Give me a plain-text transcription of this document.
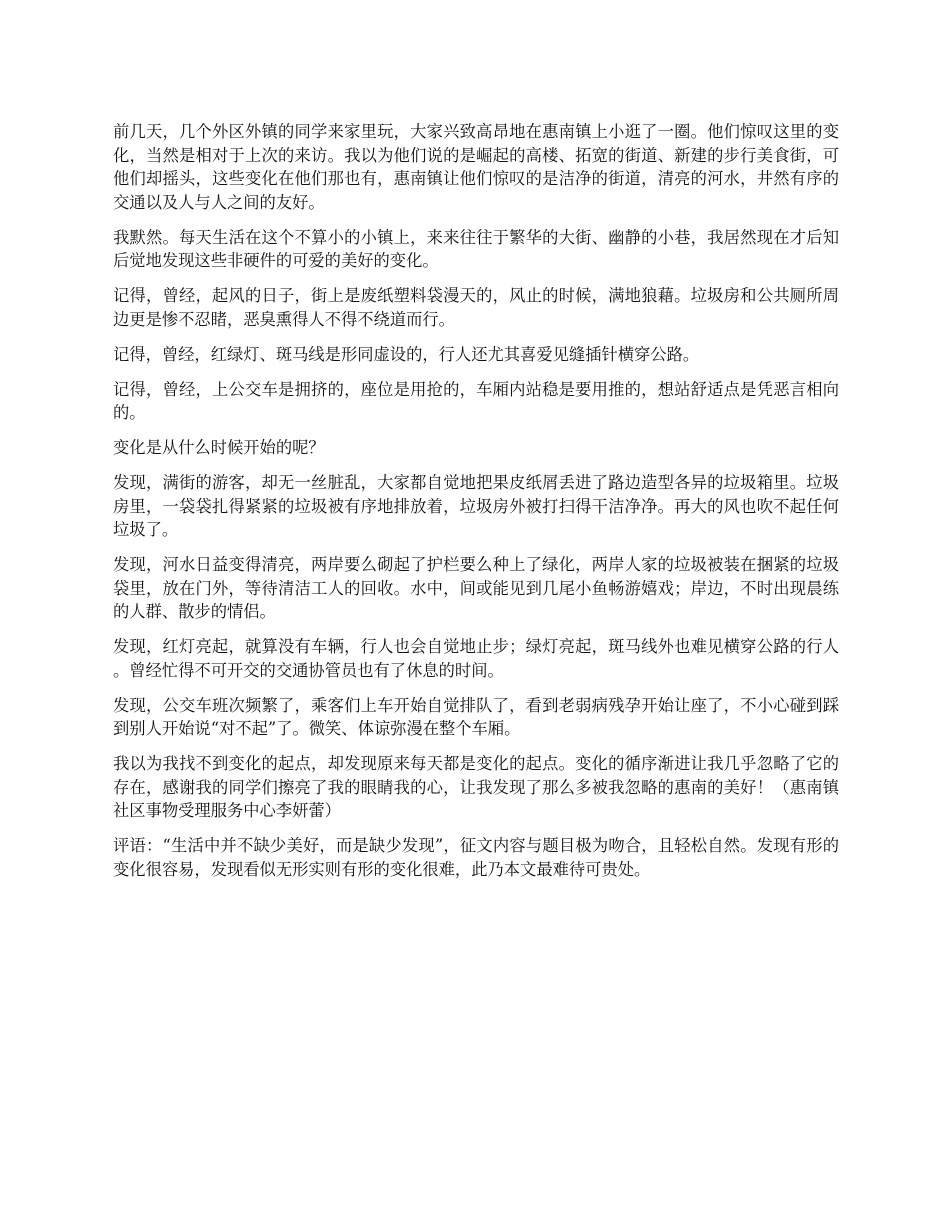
前几天，几个外区外镇的同学来家里玩，大家兴致高昂地在惠南镇上小逛了一圈。他们惊叹这里的变化，当然是相对于上次的来访。我以为他们说的是崛起的高楼、拓宽的街道、新建的步行美食街，可他们却摇头，这些变化在他们那也有，惠南镇让他们惊叹的是洁净的街道，清亮的河水，井然有序的交通以及人与人之间的友好。

我默然。每天生活在这个不算小的小镇上，来来往往于繁华的大街、幽静的小巷，我居然现在才后知后觉地发现这些非硬件的可爱的美好的变化。

记得，曾经，起风的日子，街上是废纸塑料袋漫天的，风止的时候，满地狼藉。垃圾房和公共厕所周边更是惨不忍睹，恶臭熏得人不得不绕道而行。

记得，曾经，红绿灯、斑马线是形同虚设的，行人还尤其喜爱见缝插针横穿公路。

记得，曾经，上公交车是拥挤的，座位是用抢的，车厢内站稳是要用推的，想站舒适点是凭恶言相向的。

变化是从什么时候开始的呢？

发现，满街的游客，却无一丝脏乱，大家都自觉地把果皮纸屑丢进了路边造型各异的垃圾箱里。垃圾房里，一袋袋扎得紧紧的垃圾被有序地排放着，垃圾房外被打扫得干洁净净。再大的风也吹不起任何垃圾了。

发现，河水日益变得清亮，两岸要么砌起了护栏要么种上了绿化，两岸人家的垃圾被装在捆紧的垃圾袋里，放在门外，等待清洁工人的回收。水中，间或能见到几尾小鱼畅游嬉戏；岸边，不时出现晨练的人群、散步的情侣。

发现，红灯亮起，就算没有车辆，行人也会自觉地止步；绿灯亮起，斑马线外也难见横穿公路的行人。曾经忙得不可开交的交通协管员也有了休息的时间。

发现，公交车班次频繁了，乘客们上车开始自觉排队了，看到老弱病残孕开始让座了，不小心碰到踩到别人开始说“对不起”了。微笑、体谅弥漫在整个车厢。

我以为我找不到变化的起点，却发现原来每天都是变化的起点。变化的循序渐进让我几乎忽略了它的存在，感谢我的同学们擦亮了我的眼睛我的心，让我发现了那么多被我忽略的惠南的美好！（惠南镇社区事物受理服务中心李妍蕾）

评语：“生活中并不缺少美好，而是缺少发现”，征文内容与题目极为吻合，且轻松自然。发现有形的变化很容易，发现看似无形实则有形的变化很难，此乃本文最难待可贵处。
